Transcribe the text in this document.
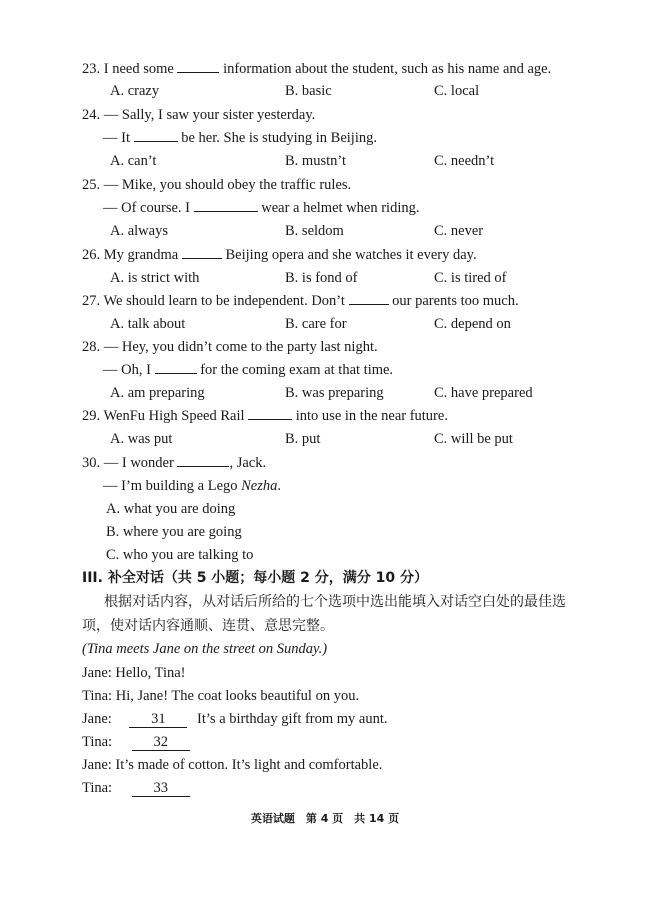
23. I need some	information about the student, such as his name and age.
A. crazy	B. basic	C. local
24. — Sally, I saw your sister yesterday.
— It	be her. She is studying in Beijing.
A. can’t	B. mustn’t	C. needn’t
25. — Mike, you should obey the traffic rules.
— Of course. I	wear a helmet when riding.
A. always	B. seldom	C. never
26. My grandma	Beijing opera and she watches it every day.
A. is strict with	B. is fond of	C. is tired of
27. We should learn to be independent. Don’t	our parents too much.
A. talk about	B. care for	C. depend on
28. — Hey, you didn’t come to the party last night.
— Oh, I	for the coming exam at that time.
A. am preparing	B. was preparing	C. have prepared
29. WenFu High Speed Rail	into use in the near future.
A. was put	B. put	C. will be put
30. — I wonder	, Jack.
— I’m building a Lego Nezha.
A. what you are doing
B. where you are going
C. who you are talking to
III. 补全对话（共 5 小题；每小题 2 分，满分 10 分）
根据对话内容，从对话后所给的七个选项中选出能填入对话空白处的最佳选
项，使对话内容通顺、连贯、意思完整。
(Tina meets Jane on the street on Sunday.)
Jane: Hello, Tina!
Tina: Hi, Jane! The coat looks beautiful on you.
Jane:	31 It’s a birthday gift from my aunt.
Tina:	32
Jane: It’s made of cotton. It’s light and comfortable.
Tina:	33
英语试题　第 4 页　共 14 页
